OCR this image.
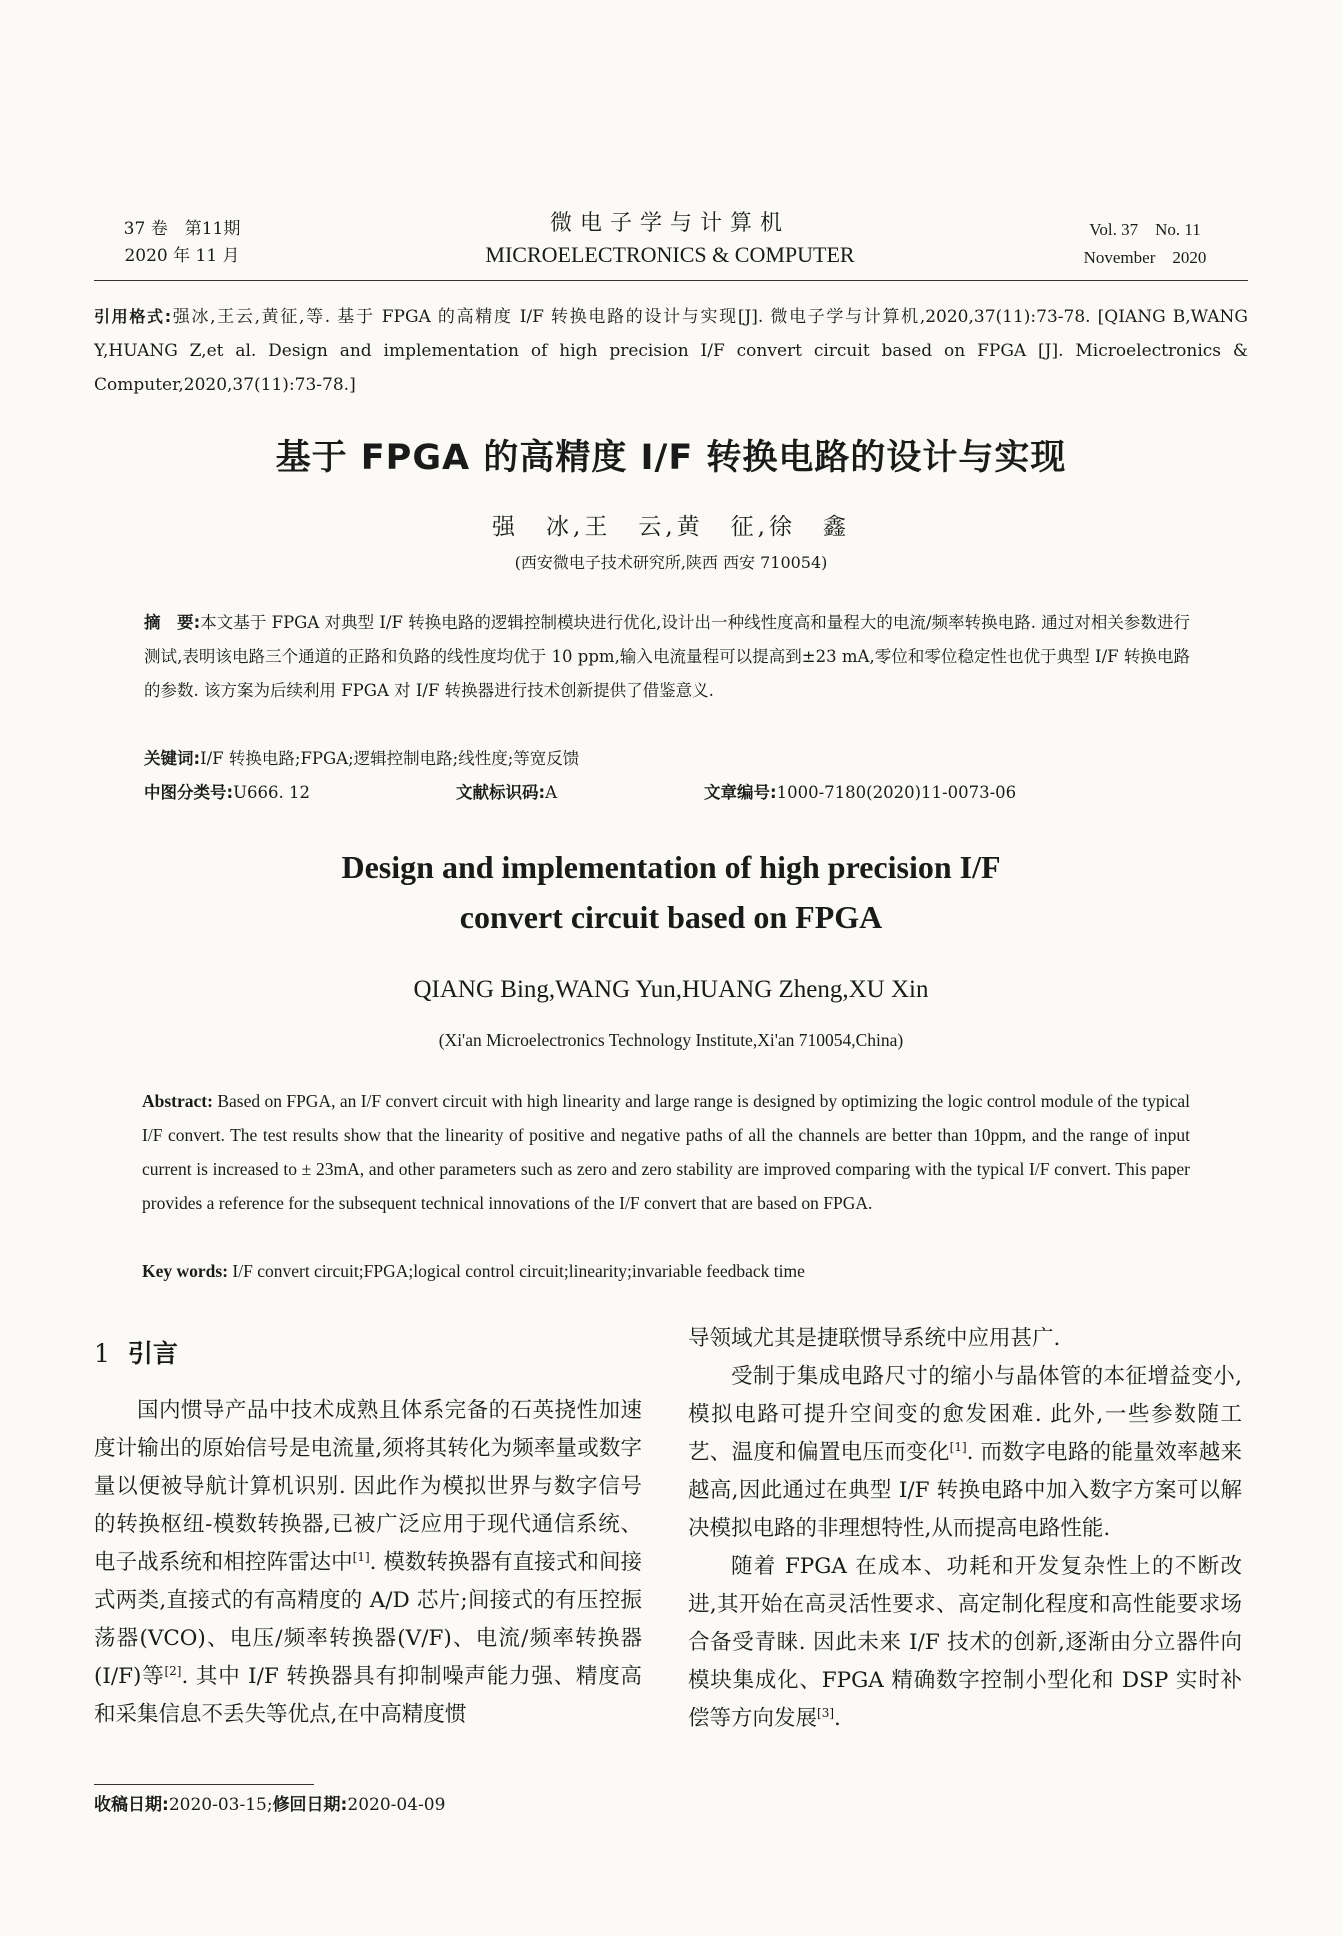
37 卷　第11期
2020 年 11 月
微电子学与计算机
MICROELECTRONICS & COMPUTER
Vol. 37　No. 11
November　2020
引用格式:强冰,王云,黄征,等. 基于 FPGA 的高精度 I/F 转换电路的设计与实现[J]. 微电子学与计算机,2020,37(11):73-78. [QIANG B,WANG Y,HUANG Z,et al. Design and implementation of high precision I/F convert circuit based on FPGA [J]. Microelectronics & Computer,2020,37(11):73-78.]
基于 FPGA 的高精度 I/F 转换电路的设计与实现
强　冰,王　云,黄　征,徐　鑫
(西安微电子技术研究所,陕西 西安 710054)
摘　要:本文基于 FPGA 对典型 I/F 转换电路的逻辑控制模块进行优化,设计出一种线性度高和量程大的电流/频率转换电路. 通过对相关参数进行测试,表明该电路三个通道的正路和负路的线性度均优于 10 ppm,输入电流量程可以提高到±23 mA,零位和零位稳定性也优于典型 I/F 转换电路的参数. 该方案为后续利用 FPGA 对 I/F 转换器进行技术创新提供了借鉴意义.
关键词:I/F 转换电路;FPGA;逻辑控制电路;线性度;等宽反馈
中图分类号:U666. 12	文献标识码:A	文章编号:1000-7180(2020)11-0073-06
Design and implementation of high precision I/F
convert circuit based on FPGA
QIANG Bing,WANG Yun,HUANG Zheng,XU Xin
(Xi'an Microelectronics Technology Institute,Xi'an 710054,China)
Abstract: Based on FPGA, an I/F convert circuit with high linearity and large range is designed by optimizing the logic control module of the typical I/F convert. The test results show that the linearity of positive and negative paths of all the channels are better than 10ppm, and the range of input current is increased to ± 23mA, and other parameters such as zero and zero stability are improved comparing with the typical I/F convert. This paper provides a reference for the subsequent technical innovations of the I/F convert that are based on FPGA.
Key words: I/F convert circuit;FPGA;logical control circuit;linearity;invariable feedback time
1 引言

国内惯导产品中技术成熟且体系完备的石英挠性加速度计输出的原始信号是电流量,须将其转化为频率量或数字量以便被导航计算机识别. 因此作为模拟世界与数字信号的转换枢纽-模数转换器,已被广泛应用于现代通信系统、电子战系统和相控阵雷达中[1]. 模数转换器有直接式和间接式两类,直接式的有高精度的 A/D 芯片;间接式的有压控振荡器(VCO)、电压/频率转换器(V/F)、电流/频率转换器(I/F)等[2]. 其中 I/F 转换器具有抑制噪声能力强、精度高和采集信息不丢失等优点,在中高精度惯

导领域尤其是捷联惯导系统中应用甚广.

受制于集成电路尺寸的缩小与晶体管的本征增益变小,模拟电路可提升空间变的愈发困难. 此外,一些参数随工艺、温度和偏置电压而变化[1]. 而数字电路的能量效率越来越高,因此通过在典型 I/F 转换电路中加入数字方案可以解决模拟电路的非理想特性,从而提高电路性能.

随着 FPGA 在成本、功耗和开发复杂性上的不断改进,其开始在高灵活性要求、高定制化程度和高性能要求场合备受青睐. 因此未来 I/F 技术的创新,逐渐由分立器件向模块集成化、FPGA 精确数字控制小型化和 DSP 实时补偿等方向发展[3].

收稿日期:2020-03-15;修回日期:2020-04-09
